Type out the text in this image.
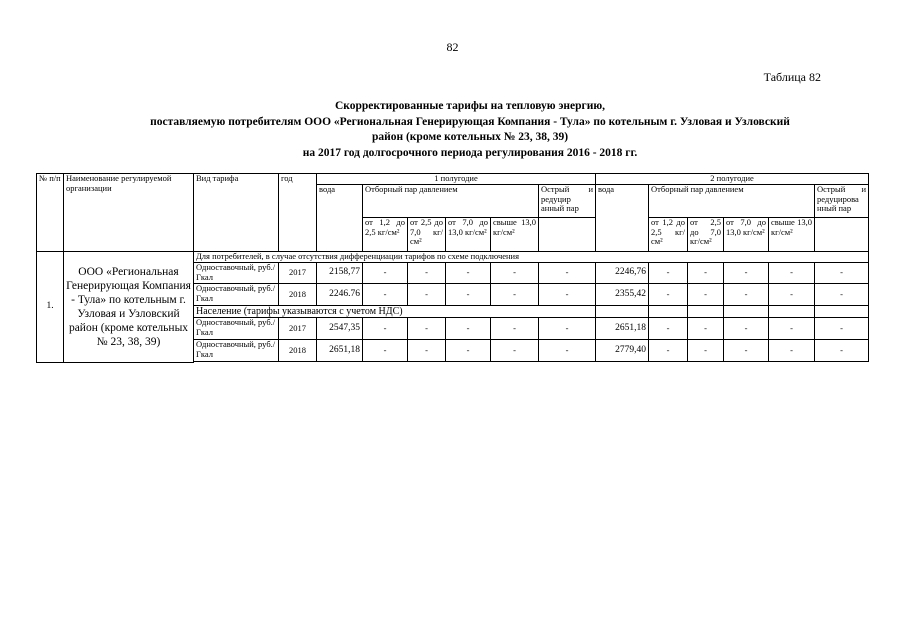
82
Таблица 82
Скорректированные тарифы на тепловую энергию,
поставляемую потребителям ООО «Региональная Генерирующая Компания - Тула» по котельным г. Узловая и Узловский
район (кроме котельных № 23, 38, 39)
на 2017 год долгосрочного периода регулирования 2016 - 2018 гг.
№ п/п	Наименование регулируемой организации	Вид тарифа	год	1 полугодие						2 полугодие					
				вода	Отборный пар давлением				Острый и редуцир анный пар	вода	Отборный пар давлением				Острый и редуцирова нный пар
					от 1,2 до 2,5 кг/см²	от 2,5 до 7,0 кг/см²	от 7,0 до 13,0 кг/см²	свыше 13,0 кг/см²			от 1,2 до 2,5 кг/см²	от 2,5 до 7,0 кг/см²	от 7,0 до 13,0 кг/см²	свыше 13,0 кг/см²	
1.	ООО «Региональная Генерирующая Компания - Тула» по котельным г. Узловая и Узловский район (кроме котельных № 23, 38, 39)	Для потребителей, в случае отсутствия дифференциации тарифов по схеме подключения													
		Одноставочный, руб./Гкал	2017	2158,77	-	-	-	-	-	2246,76	-	-	-	-	-
		Одноставочный, руб./Гкал	2018	2246.76	-	-	-	-	-	2355,42	-	-	-	-	-
		Население (тарифы указываются с учетом НДС)													
		Одноставочный, руб./Гкал	2017	2547,35	-	-	-	-	-	2651,18	-	-	-	-	-
		Одноставочный, руб./Гкал	2018	2651,18	-	-	-	-	-	2779,40	-	-	-	-	-
